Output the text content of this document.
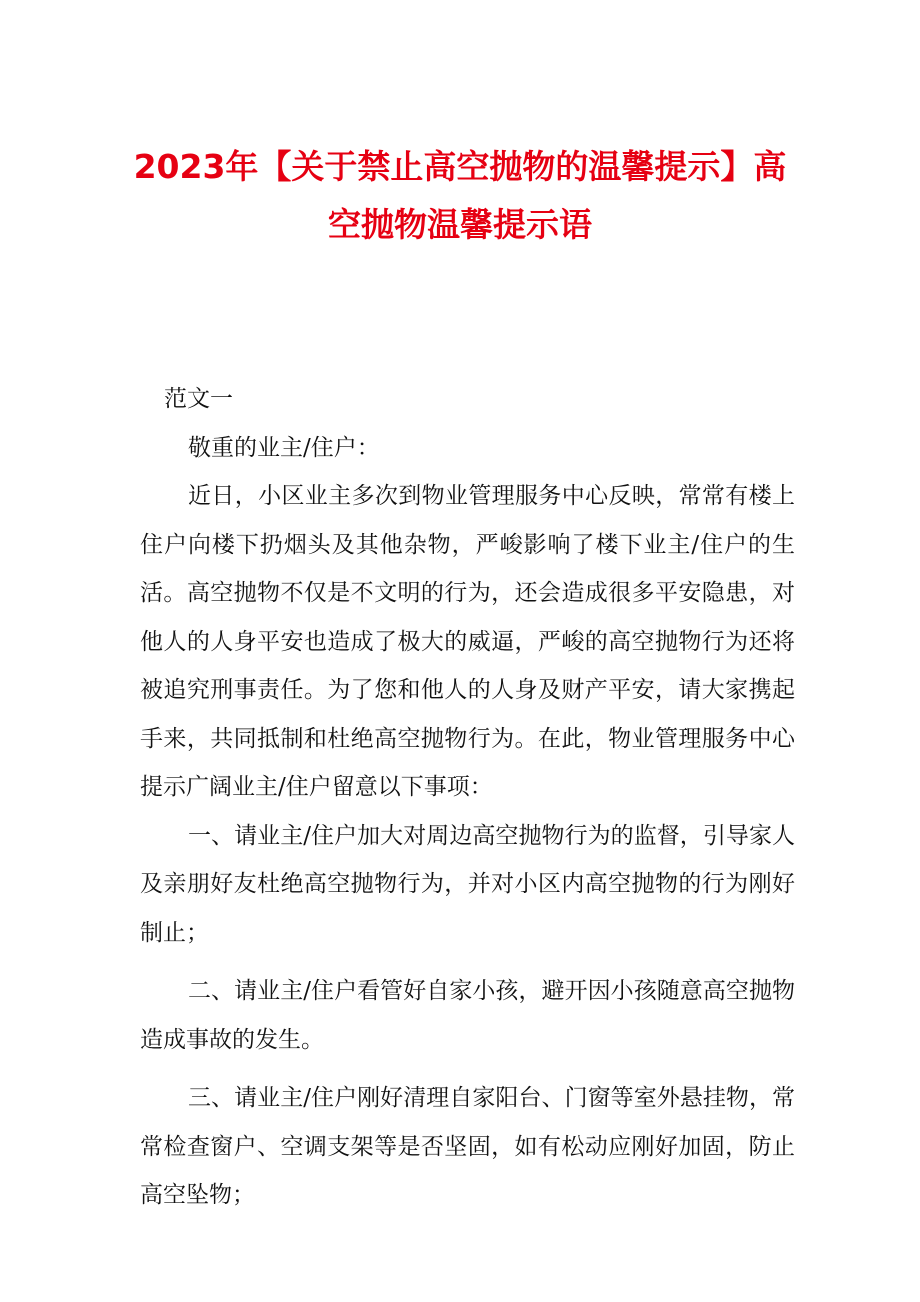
2023年【关于禁止高空抛物的温馨提示】高
空抛物温馨提示语

范文一

敬重的业主/住户：

近日，小区业主多次到物业管理服务中心反映，常常有楼上住户向楼下扔烟头及其他杂物，严峻影响了楼下业主/住户的生活。高空抛物不仅是不文明的行为，还会造成很多平安隐患，对他人的人身平安也造成了极大的威逼，严峻的高空抛物行为还将被追究刑事责任。为了您和他人的人身及财产平安，请大家携起手来，共同抵制和杜绝高空抛物行为。在此，物业管理服务中心提示广阔业主/住户留意以下事项：

一、请业主/住户加大对周边高空抛物行为的监督，引导家人及亲朋好友杜绝高空抛物行为，并对小区内高空抛物的行为刚好制止；

二、请业主/住户看管好自家小孩，避开因小孩随意高空抛物造成事故的发生。

三、请业主/住户刚好清理自家阳台、门窗等室外悬挂物，常常检查窗户、空调支架等是否坚固，如有松动应刚好加固，防止高空坠物；
